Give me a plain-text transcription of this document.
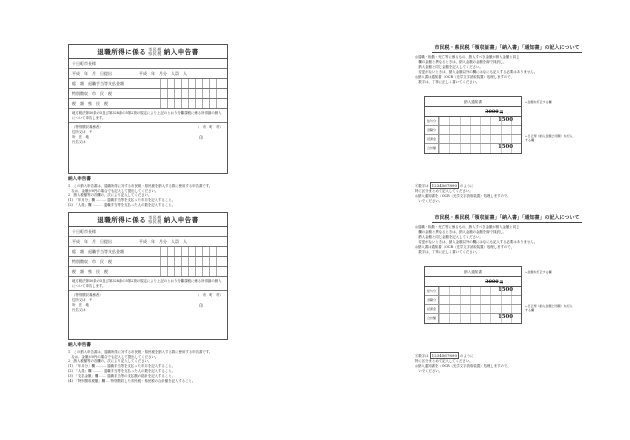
退職所得に係る 市民税
県民税 納入申告書
十日町市長様
平成　年　月　日提出	平成　年　月分　人員　人
総　額　 退職手当等支払金額
特別徴収　 市　民　税
税　額　 県　民　税
地方税法第50条の5及び第328条の5第2項の規定により上記のとおり分離課税に係る所得割の納入について申告します。
（特別徴収義務者）
住所又は　〒
所　在　地
氏名又は
印
（　市　町　村）
納入申告書

1　この納入申告書は、退職所得に対する市民税・県民税を納入する際に使用する申告書です。

　なお、金額が0円の場合でも記入して提出してください。

2　納入税額等の各欄の、次により記入してください。

(1)　「年月分」欄 ……… 退職手当等を支払った年月を記入すること。

(2)　「人員」欄 ……… 退職手当等を支払った人の数を記入すること。

退職所得に係る 市民税
県民税 納入申告書
十日町市長様
平成　年　月　日提出	平成　年　月分　人員　人
総　額　 退職手当等支払金額
特別徴収　 市　民　税
税　額　 県　民　税
地方税法第50条の5及び第328条の5第2項の規定により上記のとおり分離課税に係る所得割の納入について申告します。
（特別徴収義務者）
住所又は　〒
所　在　地
氏名又は
印
（　市　町　村）
納入申告書

1　この納入申告書は、退職所得に対する市民税・県民税を納入する際に使用する申告書です。

　なお、金額が0円の場合でも記入して提出してください。

2　納入税額等の各欄の、次により記入してください。

(1)　「年月分」欄 ……… 退職手当等を支払った年月を記入すること。

(2)　「人員」欄 ……… 退職手当等を支払った人の数を記入すること。

(3)　「支払金額」欄 …… 退職手当等の支払額の総計を記入すること。

(4)　「特別徴収税額」欄 … 特別徴収した市民税・県民税の合計額を記入すること。

市民税・県民税「領収証書」「納入書」「通知書」の記入について

◎退職・転勤・死亡等に係るもの、納入すべき金額が納入金額と同じ

　欄の金額と異なるときは、納入金額の金額を線で抹消し、

　納入金額と同じ金額を記入してください。

　変更がないときは、納入金額以外の欄にはなにも記入する必要はありません。

◎納入書は通知書（OCR（光学文字読取装置）処理しますので、

　数字は、丁寧に正しく書いてください。

納入通知書
3000円
給与分	1500
退職分
延滞金
合計額	1500
←金額を訂正する欄
←日正規（納入金額と同額）を記入する欄
⑥数字は 1234567890 のように
特に区分まとめて記入してください。
◎納入通知書を（OCR（光学文字読取装置）処理しますので、
　いでください。
市民税・県民税「領収証書」「納入書」「通知書」の記入について

◎退職・転勤・死亡等に係るもの、納入すべき金額が納入金額と同じ

　欄の金額と異なるときは、納入金額の金額を線で抹消し、

　納入金額と同じ金額を記入してください。

　変更がないときは、納入金額以外の欄にはなにも記入する必要はありません。

◎納入書は通知書（OCR（光学文字読取装置）処理しますので、

　数字は、丁寧に正しく書いてください。

納入通知書
3000円
給与分	1500
退職分
延滞金
合計額	1500
←金額を訂正する欄
←日正規（納入金額と同額）を記入する欄
⑥数字は 1234567890 のように
特に区分まとめて記入してください。
◎納入通知書を（OCR（光学文字読取装置）処理しますので、
　いでください。
